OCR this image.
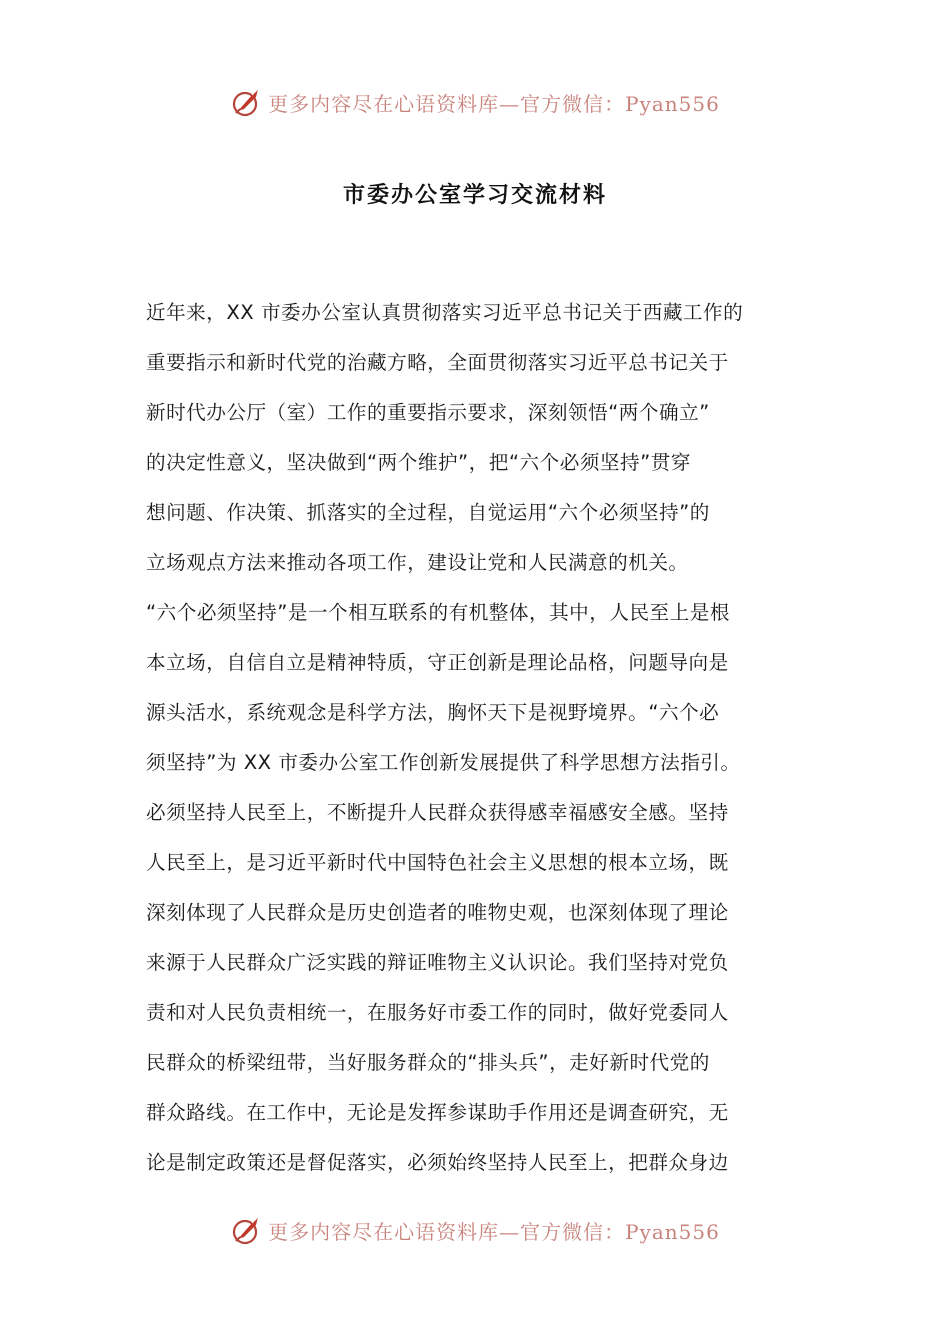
更多内容尽在心语资料库—官方微信：Pyan556
市委办公室学习交流材料
近年来，XX 市委办公室认真贯彻落实习近平总书记关于西藏工作的
重要指示和新时代党的治藏方略，全面贯彻落实习近平总书记关于
新时代办公厅（室）工作的重要指示要求，深刻领悟“两个确立”
的决定性意义，坚决做到“两个维护”，把“六个必须坚持”贯穿
想问题、作决策、抓落实的全过程，自觉运用“六个必须坚持”的
立场观点方法来推动各项工作，建设让党和人民满意的机关。
“六个必须坚持”是一个相互联系的有机整体，其中，人民至上是根
本立场，自信自立是精神特质，守正创新是理论品格，问题导向是
源头活水，系统观念是科学方法，胸怀天下是视野境界。“六个必
须坚持”为 XX 市委办公室工作创新发展提供了科学思想方法指引。
必须坚持人民至上，不断提升人民群众获得感幸福感安全感。坚持
人民至上，是习近平新时代中国特色社会主义思想的根本立场，既
深刻体现了人民群众是历史创造者的唯物史观，也深刻体现了理论
来源于人民群众广泛实践的辩证唯物主义认识论。我们坚持对党负
责和对人民负责相统一，在服务好市委工作的同时，做好党委同人
民群众的桥梁纽带，当好服务群众的“排头兵”，走好新时代党的
群众路线。在工作中，无论是发挥参谋助手作用还是调查研究，无
论是制定政策还是督促落实，必须始终坚持人民至上，把群众身边
更多内容尽在心语资料库—官方微信：Pyan556
